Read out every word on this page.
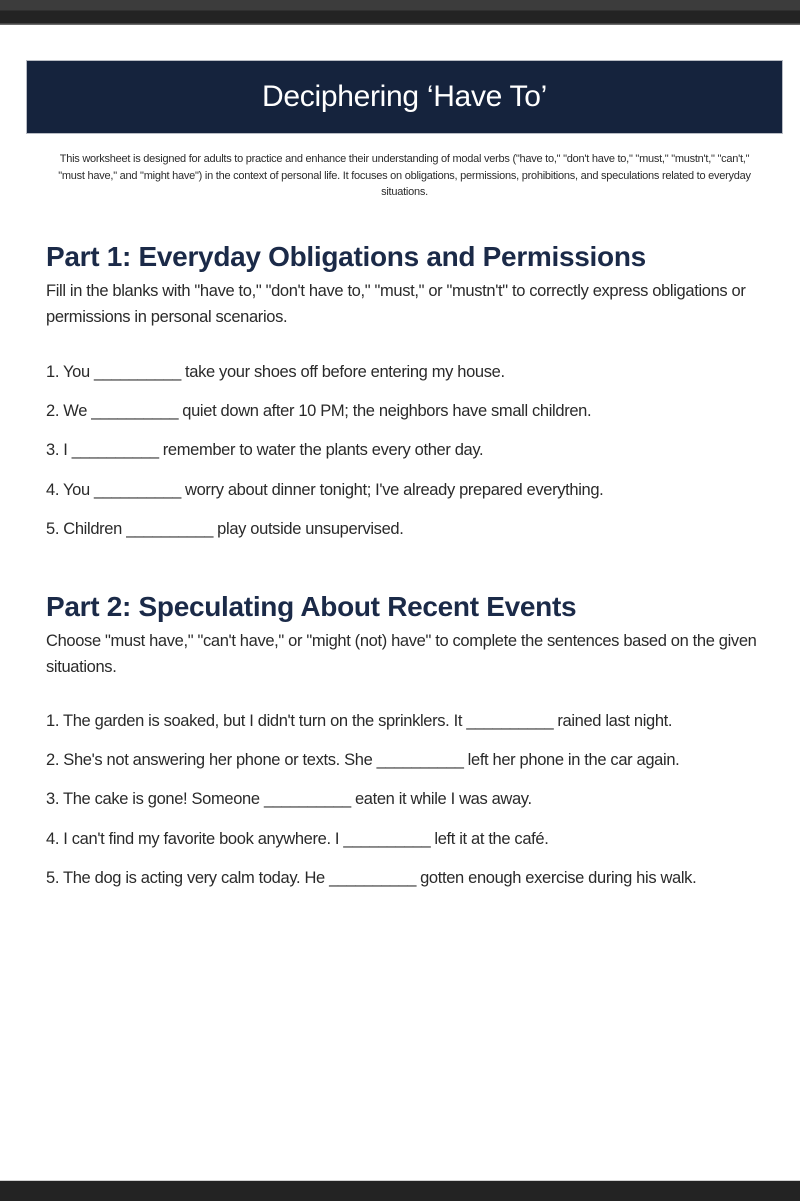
Deciphering ‘Have To’

This worksheet is designed for adults to practice and enhance their understanding of modal verbs ("have to," "don't have to," "must," "mustn't," "can't," "must have," and "might have") in the context of personal life. It focuses on obligations, permissions, prohibitions, and speculations related to everyday situations.

Part 1: Everyday Obligations and Permissions

Fill in the blanks with "have to," "don't have to," "must," or "mustn't" to correctly express obligations or permissions in personal scenarios.

1. You __________ take your shoes off before entering my house.
2. We __________ quiet down after 10 PM; the neighbors have small children.
3. I __________ remember to water the plants every other day.
4. You __________ worry about dinner tonight; I've already prepared everything.
5. Children __________ play outside unsupervised.
Part 2: Speculating About Recent Events

Choose "must have," "can't have," or "might (not) have" to complete the sentences based on the given situations.

1. The garden is soaked, but I didn't turn on the sprinklers. It __________ rained last night.
2. She's not answering her phone or texts. She __________ left her phone in the car again.
3. The cake is gone! Someone __________ eaten it while I was away.
4. I can't find my favorite book anywhere. I __________ left it at the café.
5. The dog is acting very calm today. He __________ gotten enough exercise during his walk.
